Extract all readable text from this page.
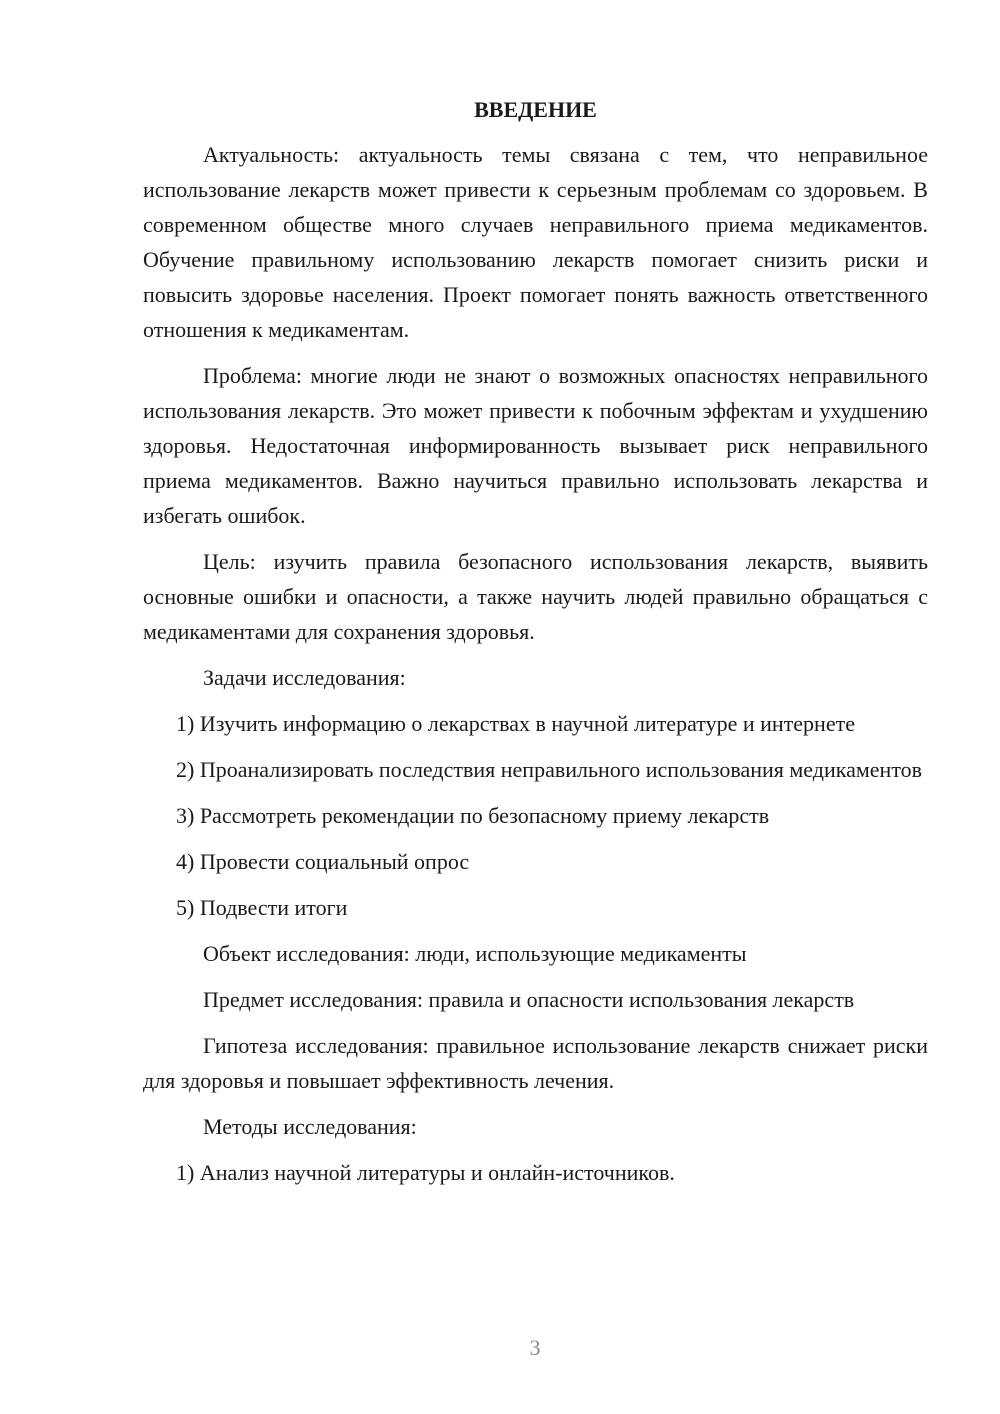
ВВЕДЕНИЕ

Актуальность: актуальность темы связана с тем, что неправильное использование лекарств может привести к серьезным проблемам со здоровьем. В современном обществе много случаев неправильного приема медикаментов. Обучение правильному использованию лекарств помогает снизить риски и повысить здоровье населения. Проект помогает понять важность ответственного отношения к медикаментам.

Проблема: многие люди не знают о возможных опасностях неправильного использования лекарств. Это может привести к побочным эффектам и ухудшению здоровья. Недостаточная информированность вызывает риск неправильного приема медикаментов. Важно научиться правильно использовать лекарства и избегать ошибок.

Цель: изучить правила безопасного использования лекарств, выявить основные ошибки и опасности, а также научить людей правильно обращаться с медикаментами для сохранения здоровья.

Задачи исследования:

1) Изучить информацию о лекарствах в научной литературе и интернете

2) Проанализировать последствия неправильного использования медикаментов

3) Рассмотреть рекомендации по безопасному приему лекарств

4) Провести социальный опрос

5) Подвести итоги

Объект исследования: люди, использующие медикаменты

Предмет исследования: правила и опасности использования лекарств

Гипотеза исследования: правильное использование лекарств снижает риски для здоровья и повышает эффективность лечения.

Методы исследования:

1) Анализ научной литературы и онлайн-источников.

3
